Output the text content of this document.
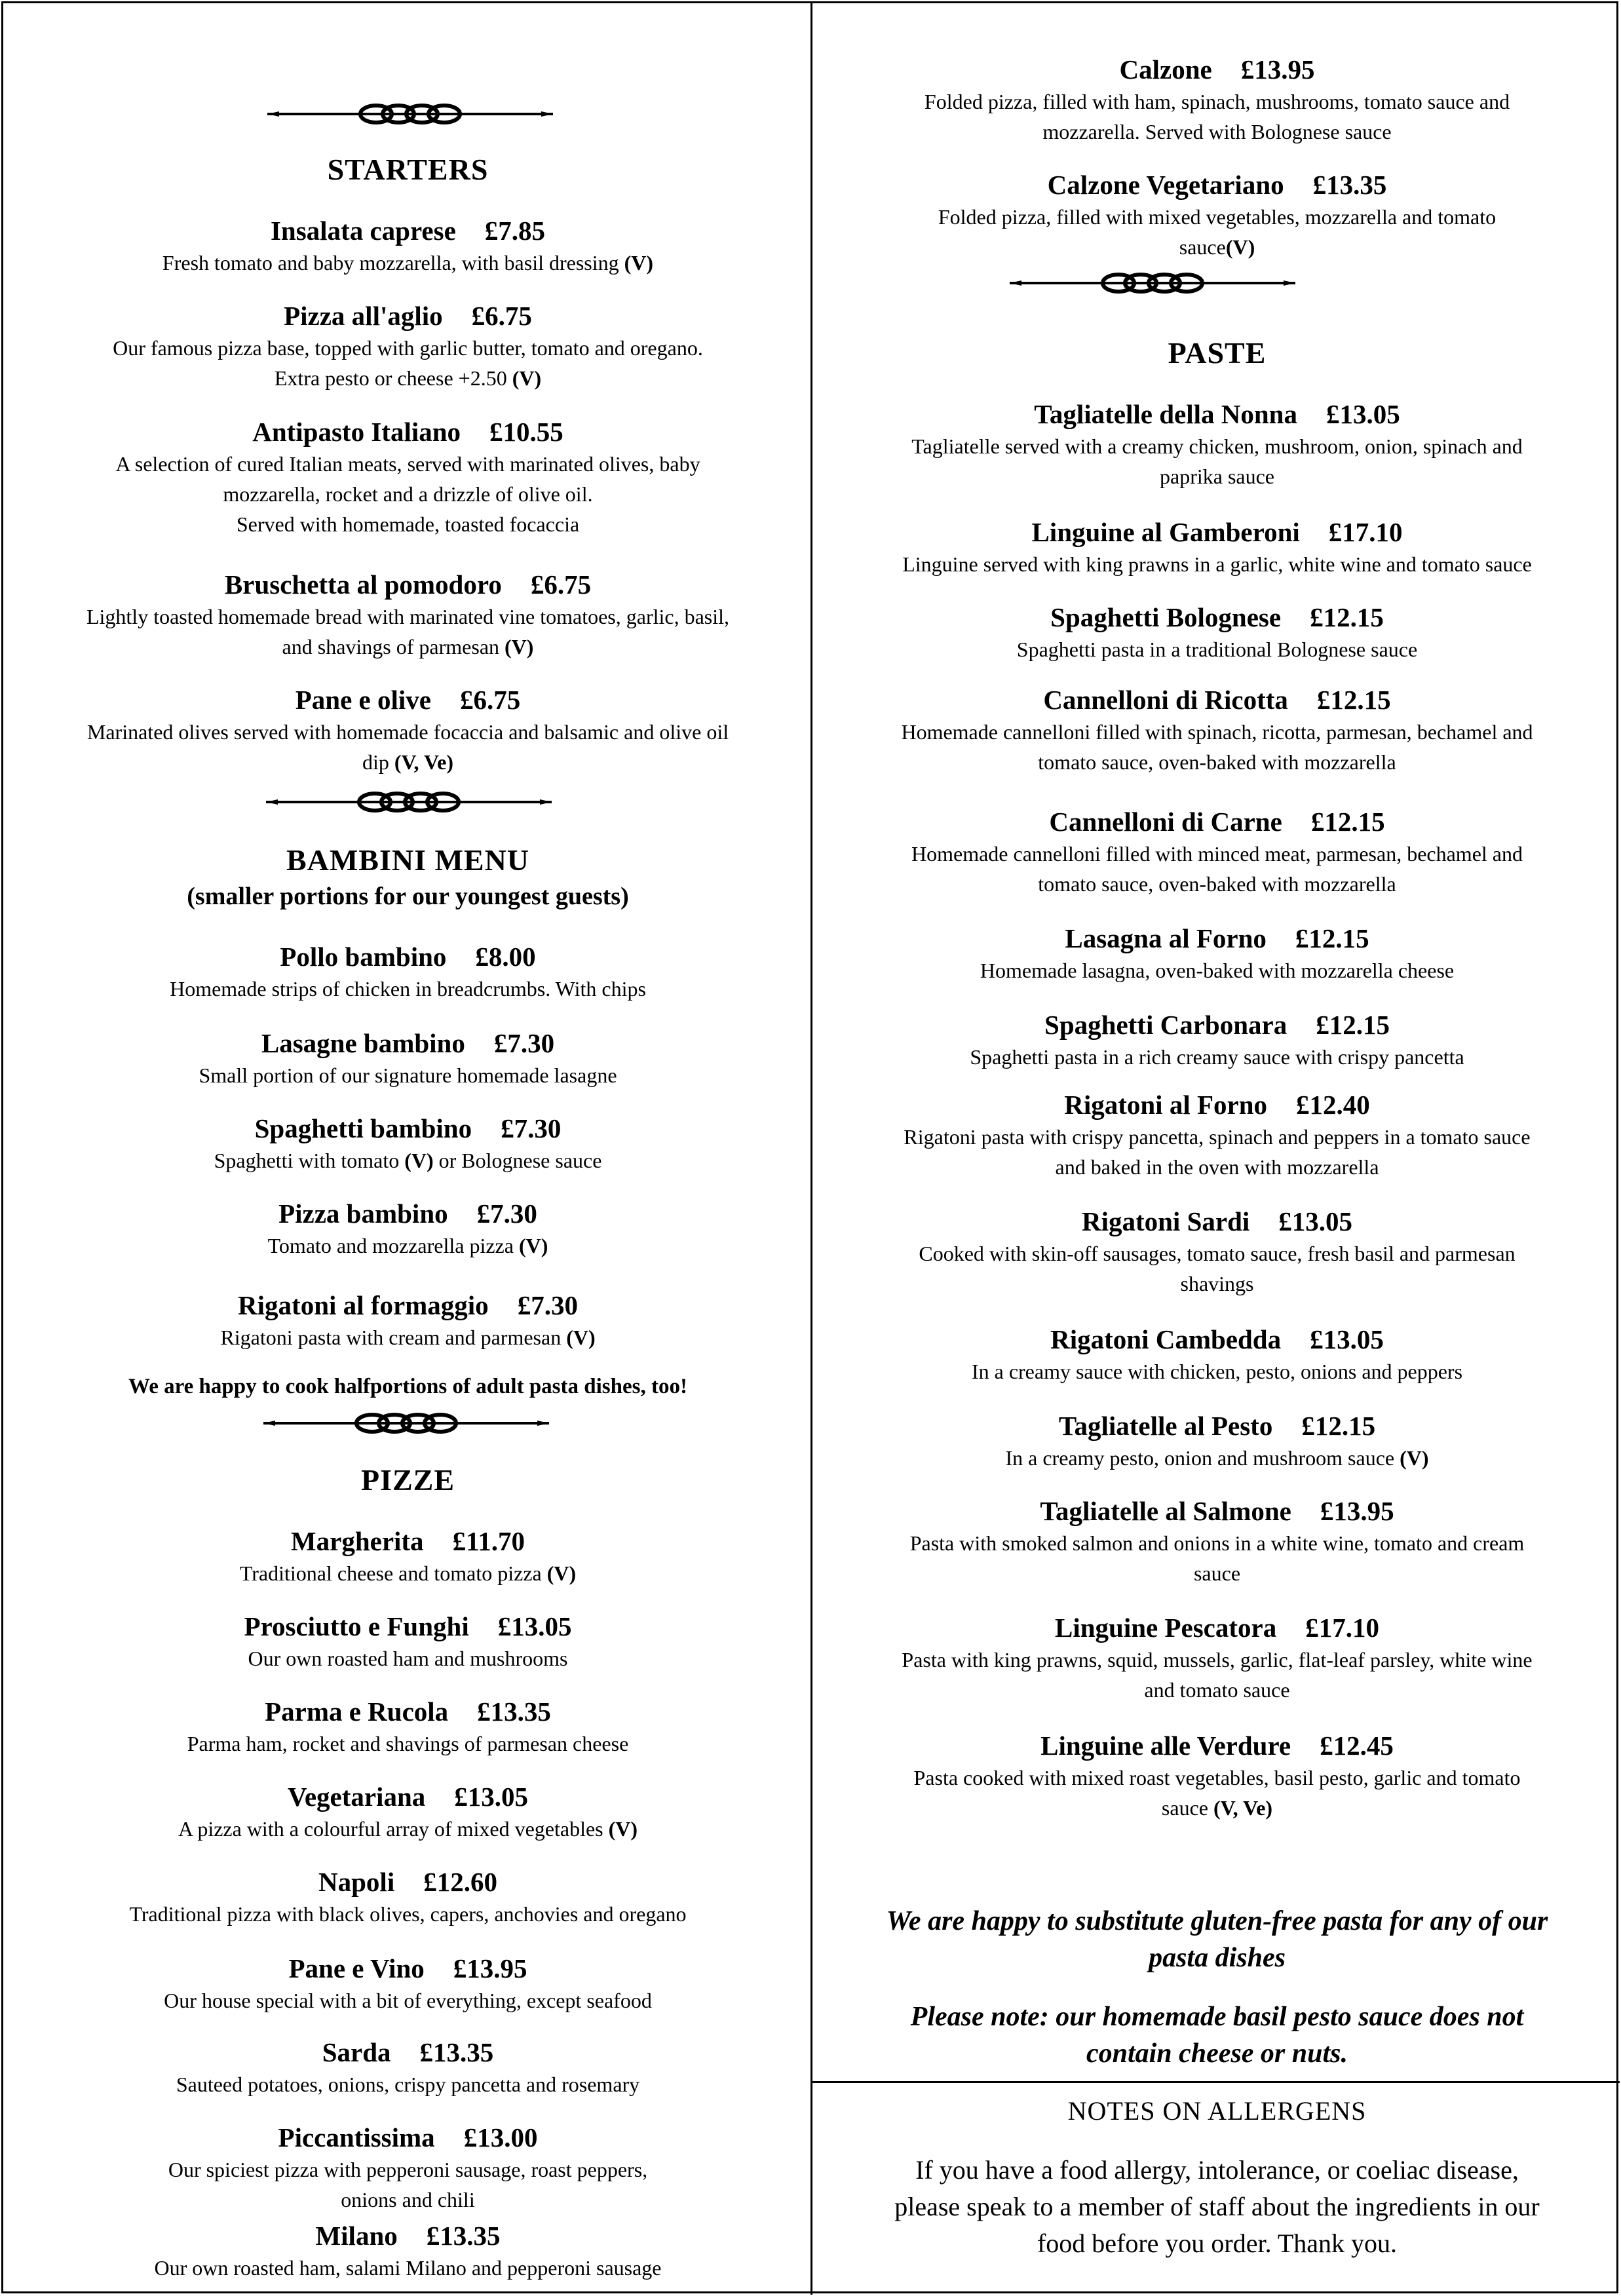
STARTERS
Insalata caprese £7.85
Fresh tomato and baby mozzarella, with basil dressing (V)
Pizza all'aglio £6.75
Our famous pizza base, topped with garlic butter, tomato and oregano.
Extra pesto or cheese +2.50 (V)
Antipasto Italiano £10.55
A selection of cured Italian meats, served with marinated olives, baby
mozzarella, rocket and a drizzle of olive oil.
Served with homemade, toasted focaccia
Bruschetta al pomodoro £6.75
Lightly toasted homemade bread with marinated vine tomatoes, garlic, basil,
and shavings of parmesan (V)
Pane e olive £6.75
Marinated olives served with homemade focaccia and balsamic and olive oil
dip (V, Ve)
BAMBINI MENU
(smaller portions for our youngest guests)
Pollo bambino £8.00
Homemade strips of chicken in breadcrumbs. With chips
Lasagne bambino £7.30
Small portion of our signature homemade lasagne
Spaghetti bambino £7.30
Spaghetti with tomato (V) or Bolognese sauce
Pizza bambino £7.30
Tomato and mozzarella pizza (V)
Rigatoni al formaggio £7.30
Rigatoni pasta with cream and parmesan (V)
We are happy to cook halfportions of adult pasta dishes, too!
PIZZE
Margherita £11.70
Traditional cheese and tomato pizza (V)
Prosciutto e Funghi £13.05
Our own roasted ham and mushrooms
Parma e Rucola £13.35
Parma ham, rocket and shavings of parmesan cheese
Vegetariana £13.05
A pizza with a colourful array of mixed vegetables (V)
Napoli £12.60
Traditional pizza with black olives, capers, anchovies and oregano
Pane e Vino £13.95
Our house special with a bit of everything, except seafood
Sarda £13.35
Sauteed potatoes, onions, crispy pancetta and rosemary
Piccantissima £13.00
Our spiciest pizza with pepperoni sausage, roast peppers,
onions and chili
Milano £13.35
Our own roasted ham, salami Milano and pepperoni sausage
Calzone £13.95
Folded pizza, filled with ham, spinach, mushrooms, tomato sauce and
mozzarella. Served with Bolognese sauce
Calzone Vegetariano £13.35
Folded pizza, filled with mixed vegetables, mozzarella and tomato
sauce(V)
PASTE
Tagliatelle della Nonna £13.05
Tagliatelle served with a creamy chicken, mushroom, onion, spinach and
paprika sauce
Linguine al Gamberoni £17.10
Linguine served with king prawns in a garlic, white wine and tomato sauce
Spaghetti Bolognese £12.15
Spaghetti pasta in a traditional Bolognese sauce
Cannelloni di Ricotta £12.15
Homemade cannelloni filled with spinach, ricotta, parmesan, bechamel and
tomato sauce, oven-baked with mozzarella
Cannelloni di Carne £12.15
Homemade cannelloni filled with minced meat, parmesan, bechamel and
tomato sauce, oven-baked with mozzarella
Lasagna al Forno £12.15
Homemade lasagna, oven-baked with mozzarella cheese
Spaghetti Carbonara £12.15
Spaghetti pasta in a rich creamy sauce with crispy pancetta
Rigatoni al Forno £12.40
Rigatoni pasta with crispy pancetta, spinach and peppers in a tomato sauce
and baked in the oven with mozzarella
Rigatoni Sardi £13.05
Cooked with skin-off sausages, tomato sauce, fresh basil and parmesan
shavings
Rigatoni Cambedda £13.05
In a creamy sauce with chicken, pesto, onions and peppers
Tagliatelle al Pesto £12.15
In a creamy pesto, onion and mushroom sauce (V)
Tagliatelle al Salmone £13.95
Pasta with smoked salmon and onions in a white wine, tomato and cream
sauce
Linguine Pescatora £17.10
Pasta with king prawns, squid, mussels, garlic, flat-leaf parsley, white wine
and tomato sauce
Linguine alle Verdure £12.45
Pasta cooked with mixed roast vegetables, basil pesto, garlic and tomato
sauce (V, Ve)
We are happy to substitute gluten-free pasta for any of our
pasta dishes
Please note: our homemade basil pesto sauce does not
contain cheese or nuts.
NOTES ON ALLERGENS
If you have a food allergy, intolerance, or coeliac disease,
please speak to a member of staff about the ingredients in our
food before you order. Thank you.
